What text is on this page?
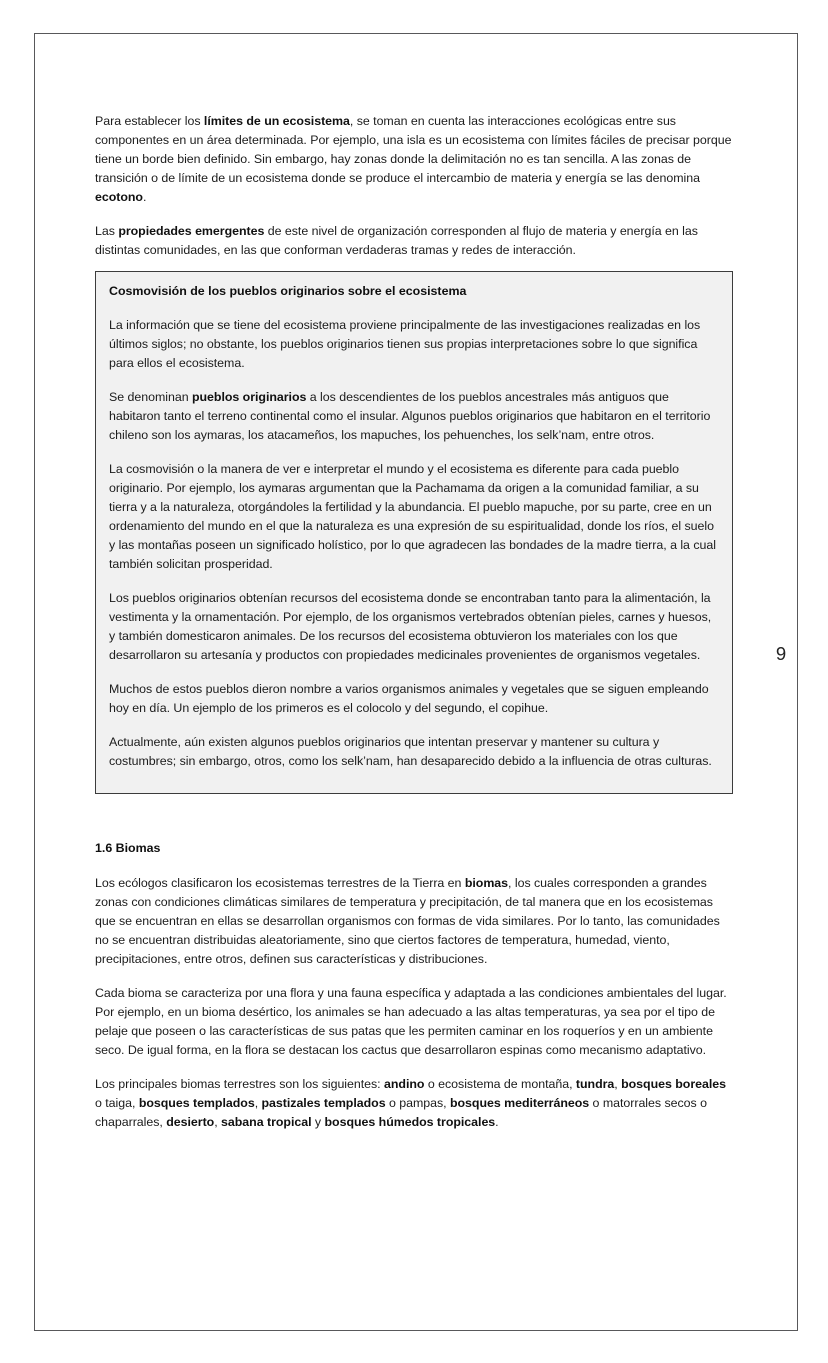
9

Para establecer los límites de un ecosistema, se toman en cuenta las interacciones ecológicas entre sus componentes en un área determinada. Por ejemplo, una isla es un ecosistema con límites fáciles de precisar porque tiene un borde bien definido. Sin embargo, hay zonas donde la delimitación no es tan sencilla. A las zonas de transición o de límite de un ecosistema donde se produce el intercambio de materia y energía se las denomina ecotono.

Las propiedades emergentes de este nivel de organización corresponden al flujo de materia y energía en las distintas comunidades, en las que conforman verdaderas tramas y redes de interacción.

Cosmovisión de los pueblos originarios sobre el ecosistema

La información que se tiene del ecosistema proviene principalmente de las investigaciones realizadas en los últimos siglos; no obstante, los pueblos originarios tienen sus propias interpretaciones sobre lo que significa para ellos el ecosistema.

Se denominan pueblos originarios a los descendientes de los pueblos ancestrales más antiguos que habitaron tanto el terreno continental como el insular. Algunos pueblos originarios que habitaron en el territorio chileno son los aymaras, los atacameños, los mapuches, los pehuenches, los selk’nam, entre otros.

La cosmovisión o la manera de ver e interpretar el mundo y el ecosistema es diferente para cada pueblo originario. Por ejemplo, los aymaras argumentan que la Pachamama da origen a la comunidad familiar, a su tierra y a la naturaleza, otorgándoles la fertilidad y la abundancia. El pueblo mapuche, por su parte, cree en un ordenamiento del mundo en el que la naturaleza es una expresión de su espiritualidad, donde los ríos, el suelo y las montañas poseen un significado holístico, por lo que agradecen las bondades de la madre tierra, a la cual también solicitan prosperidad.

Los pueblos originarios obtenían recursos del ecosistema donde se encontraban tanto para la alimentación, la vestimenta y la ornamentación. Por ejemplo, de los organismos vertebrados obtenían pieles, carnes y huesos, y también domesticaron animales. De los recursos del ecosistema obtuvieron los materiales con los que desarrollaron su artesanía y productos con propiedades medicinales provenientes de organismos vegetales.

Muchos de estos pueblos dieron nombre a varios organismos animales y vegetales que se siguen empleando hoy en día. Un ejemplo de los primeros es el colocolo y del segundo, el copihue.

Actualmente, aún existen algunos pueblos originarios que intentan preservar y mantener su cultura y costumbres; sin embargo, otros, como los selk’nam, han desaparecido debido a la influencia de otras culturas.

1.6 Biomas

Los ecólogos clasificaron los ecosistemas terrestres de la Tierra en biomas, los cuales corresponden a grandes zonas con condiciones climáticas similares de temperatura y precipitación, de tal manera que en los ecosistemas que se encuentran en ellas se desarrollan organismos con formas de vida similares. Por lo tanto, las comunidades no se encuentran distribuidas aleatoriamente, sino que ciertos factores de temperatura, humedad, viento, precipitaciones, entre otros, definen sus características y distribuciones.

Cada bioma se caracteriza por una flora y una fauna específica y adaptada a las condiciones ambientales del lugar. Por ejemplo, en un bioma desértico, los animales se han adecuado a las altas temperaturas, ya sea por el tipo de pelaje que poseen o las características de sus patas que les permiten caminar en los roqueríos y en un ambiente seco. De igual forma, en la flora se destacan los cactus que desarrollaron espinas como mecanismo adaptativo.

Los principales biomas terrestres son los siguientes: andino o ecosistema de montaña, tundra, bosques boreales o taiga, bosques templados, pastizales templados o pampas, bosques mediterráneos o matorrales secos o chaparrales, desierto, sabana tropical y bosques húmedos tropicales.
